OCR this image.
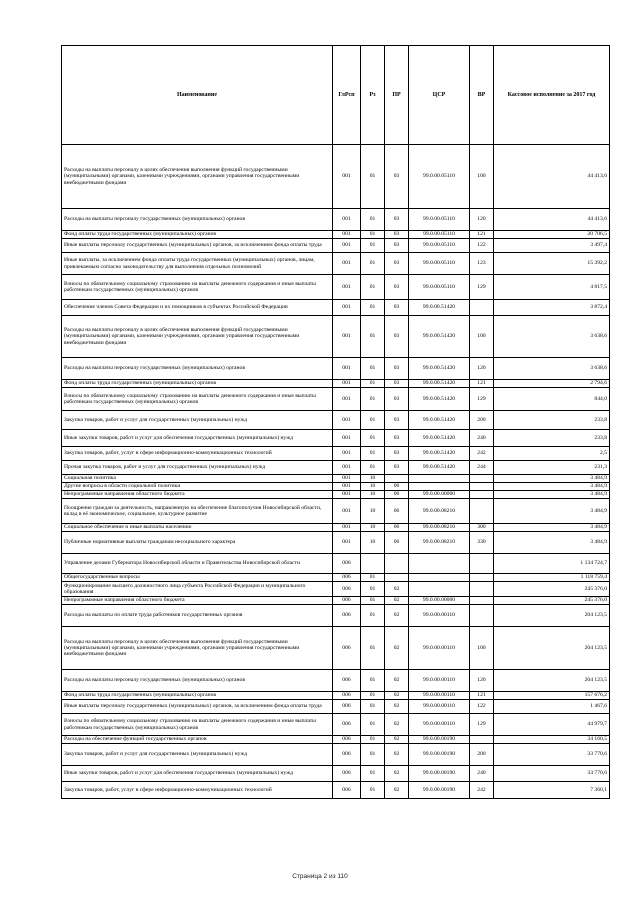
Наименование	ГлРсп	Рз	ПР	ЦСР	ВР	Кассовое исполнение за 2017 год
Расходы на выплаты персоналу в целях обеспечения выполнения функций государственными (муниципальными) органами, казенными учреждениями, органами управления государственными внебюджетными фондами	001	01	03	99.0.00.05110	100	44 413,6
Расходы на выплаты персоналу государственных (муниципальных) органов	001	01	03	99.0.00.05110	120	44 413,6
Фонд оплаты труда государственных (муниципальных) органов	001	01	03	99.0.00.05110	121	20 706,5
Иные выплаты персоналу государственных (муниципальных) органов, за исключением фонда оплаты труда	001	01	03	99.0.00.05110	122	3 497,4
Иные выплаты, за исключением фонда оплаты труда государственных (муниципальных) органов, лицам, привлекаемым согласно законодательству для выполнения отдельных полномочий	001	01	03	99.0.00.05110	123	15 392,2
Взносы по обязательному социальному страхованию на выплаты денежного содержания и иные выплаты работникам государственных (муниципальных) органов	001	01	03	99.0.00.05110	129	4 817,5
Обеспечение членов Совета Федерации и их помощников в субъектах Российской Федерации	001	01	03	99.0.00.51420		3 872,4
Расходы на выплаты персоналу в целях обеспечения выполнения функций государственными (муниципальными) органами, казенными учреждениями, органами управления государственными внебюджетными фондами	001	01	03	99.0.00.51420	100	3 638,6
Расходы на выплаты персоналу государственных (муниципальных) органов	001	01	03	99.0.00.51420	120	3 638,6
Фонд оплаты труда государственных (муниципальных) органов	001	01	03	99.0.00.51420	121	2 794,6
Взносы по обязательному социальному страхованию на выплаты денежного содержания и иные выплаты работникам государственных (муниципальных) органов	001	01	03	99.0.00.51420	129	844,0
Закупка товаров, работ и услуг для государственных (муниципальных) нужд	001	01	03	99.0.00.51420	200	233,8
Иные закупки товаров, работ и услуг для обеспечения государственных (муниципальных) нужд	001	01	03	99.0.00.51420	240	233,8
Закупка товаров, работ, услуг в сфере информационно-коммуникационных технологий	001	01	03	99.0.00.51420	242	2,5
Прочая закупка товаров, работ и услуг для государственных (муниципальных) нужд	001	01	03	99.0.00.51420	244	231,3
Социальная политика	001	10				3 484,9
Другие вопросы в области социальной политики	001	10	06			3 484,9
Непрограммные направления областного бюджета	001	10	06	99.0.00.00000		3 484,9
Поощрение граждан за деятельность, направленную на обеспечение благополучия Новосибирской области, вклад в её экономическое, социальное, культурное развитие	001	10	06	99.0.00.08210		3 484,9
Социальное обеспечение и иные выплаты населению	001	10	06	99.0.00.08210	300	3 484,9
Публичные нормативные выплаты гражданам несоциального характера	001	10	06	99.0.00.08210	330	3 484,9
Управление делами Губернатора Новосибирской области и Правительства Новосибирской области	006					1 134 724,7
Общегосударственные вопросы	006	01				1 118 759,4
Функционирование высшего должностного лица субъекта Российской Федерации и муниципального образования	006	01	02			245 376,0
Непрограммные направления областного бюджета	006	01	02	99.0.00.00000		245 376,0
Расходы на выплаты по оплате труда работников государственных органов	006	01	02	99.0.00.00110		204 123,5
Расходы на выплаты персоналу в целях обеспечения выполнения функций государственными (муниципальными) органами, казенными учреждениями, органами управления государственными внебюджетными фондами	006	01	02	99.0.00.00110	100	204 123,5
Расходы на выплаты персоналу государственных (муниципальных) органов	006	01	02	99.0.00.00110	120	204 123,5
Фонд оплаты труда государственных (муниципальных) органов	006	01	02	99.0.00.00110	121	157 676,2
Иные выплаты персоналу государственных (муниципальных) органов, за исключением фонда оплаты труда	006	01	02	99.0.00.00110	122	1 467,6
Взносы по обязательному социальному страхованию на выплаты денежного содержания и иные выплаты работникам государственных (муниципальных) органов	006	01	02	99.0.00.00110	129	44 979,7
Расходы на обеспечение функций государственных органов	006	01	02	99.0.00.00190		34 160,5
Закупка товаров, работ и услуг для государственных (муниципальных) нужд	006	01	02	99.0.00.00190	200	33 770,6
Иные закупки товаров, работ и услуг для обеспечения государственных (муниципальных) нужд	006	01	02	99.0.00.00190	240	33 770,6
Закупка товаров, работ, услуг в сфере информационно-коммуникационных технологий	006	01	02	99.0.00.00190	242	7 360,1
Страница 2 из 110
